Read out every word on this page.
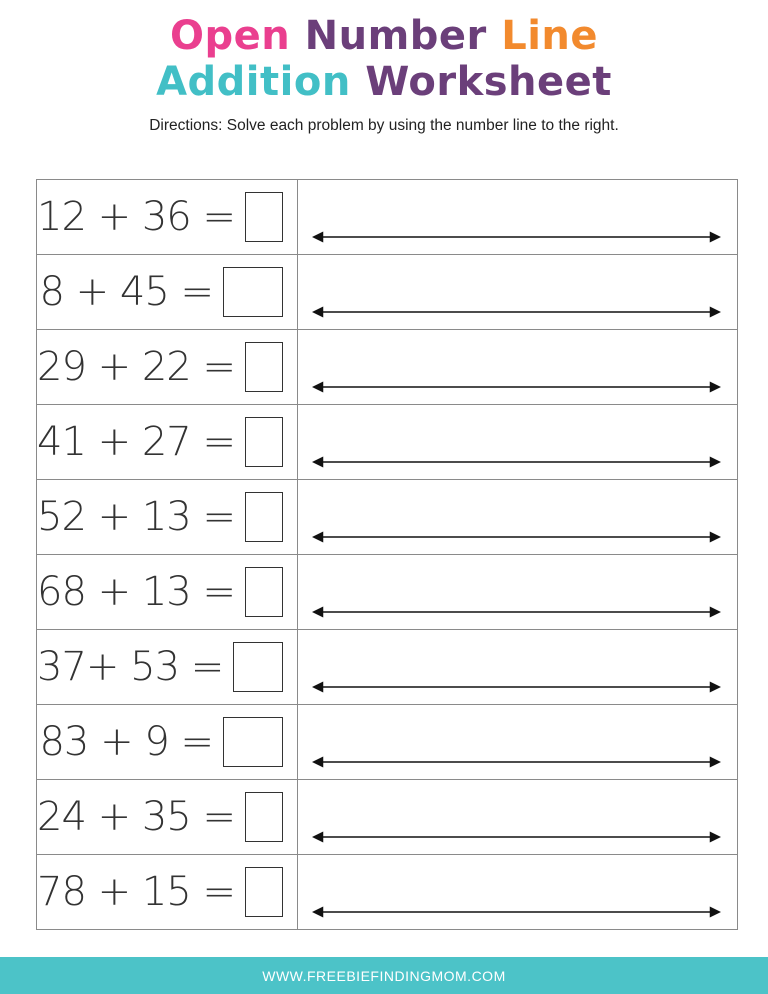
Open Number Line
Addition Worksheet
Directions: Solve each problem by using the number line to the right.
12 + 36 =
8 + 45 =
29 + 22 =
41 + 27 =
52 + 13 =
68 + 13 =
37+ 53 =
83 + 9 =
24 + 35 =
78 + 15 =
WWW.FREEBIEFINDINGMOM.COM
